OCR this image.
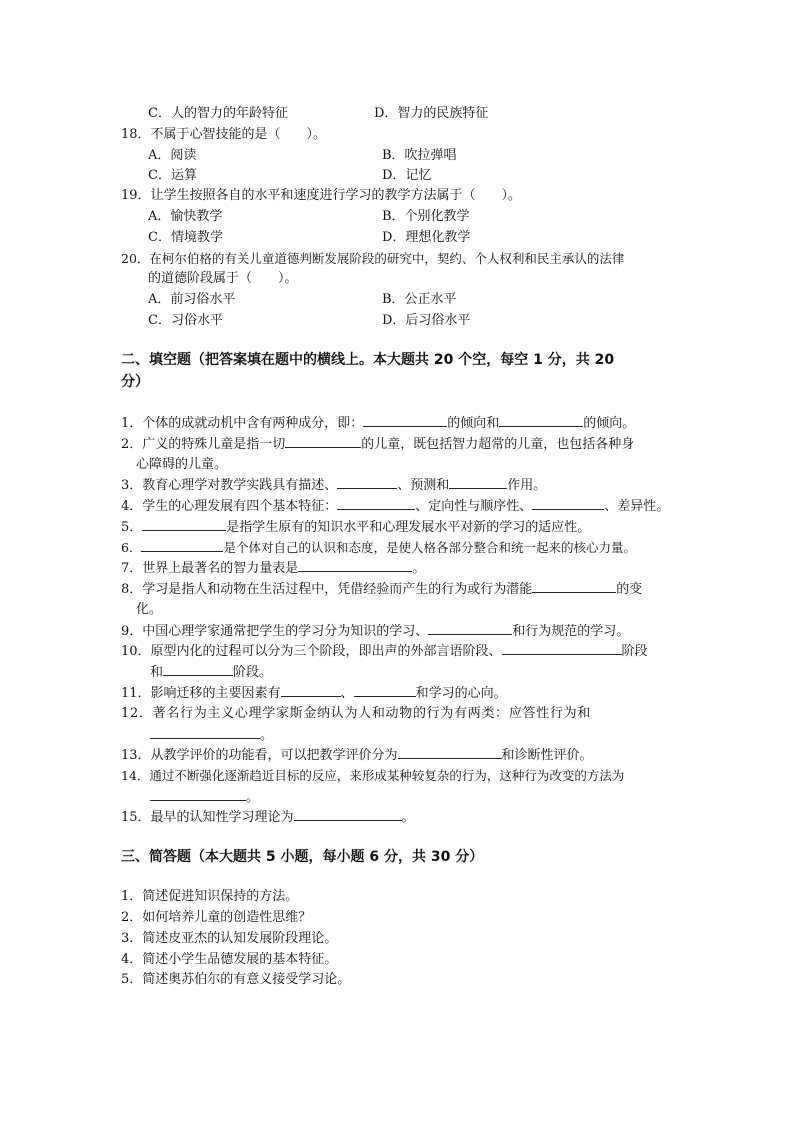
C．人的智力的年龄特征	D．智力的民族特征
18．不属于心智技能的是（　　）。
A．阅读	B．吹拉弹唱
C．运算	D．记忆
19．让学生按照各自的水平和速度进行学习的教学方法属于（　　）。
A．愉快教学	B．个别化教学
C．情境教学	D．理想化教学
20．在柯尔伯格的有关儿童道德判断发展阶段的研究中，契约、个人权利和民主承认的法律
的道德阶段属于（　　）。
A．前习俗水平	B．公正水平
C．习俗水平	D．后习俗水平
二、填空题（把答案填在题中的横线上。本大题共 20 个空，每空 1 分，共 20
分）
1．个体的成就动机中含有两种成分，即：	的倾向和	的倾向。
2．广义的特殊儿童是指一切	的儿童，既包括智力超常的儿童，也包括各种身
心障碍的儿童。
3．教育心理学对教学实践具有描述、	、预测和	作用。
4．学生的心理发展有四个基本特征：	、定向性与顺序性、	、差异性。
5．	是指学生原有的知识水平和心理发展水平对新的学习的适应性。
6．	是个体对自己的认识和态度，是使人格各部分整合和统一起来的核心力量。
7．世界上最著名的智力量表是	。
8．学习是指人和动物在生活过程中，凭借经验而产生的行为或行为潜能	的变
化。
9．中国心理学家通常把学生的学习分为知识的学习、	和行为规范的学习。
10．原型内化的过程可以分为三个阶段，即出声的外部言语阶段、	阶段
和	阶段。
11．影响迁移的主要因素有	、	和学习的心向。
12．著名行为主义心理学家斯金纳认为人和动物的行为有两类：应答性行为和
。
13．从教学评价的功能看，可以把教学评价分为	和诊断性评价。
14．通过不断强化逐渐趋近目标的反应，来形成某种较复杂的行为，这种行为改变的方法为
。
15．最早的认知性学习理论为	。
三、简答题（本大题共 5 小题，每小题 6 分，共 30 分）
1．简述促进知识保持的方法。
2．如何培养儿童的创造性思维？
3．简述皮亚杰的认知发展阶段理论。
4．简述小学生品德发展的基本特征。
5．简述奥苏伯尔的有意义接受学习论。
